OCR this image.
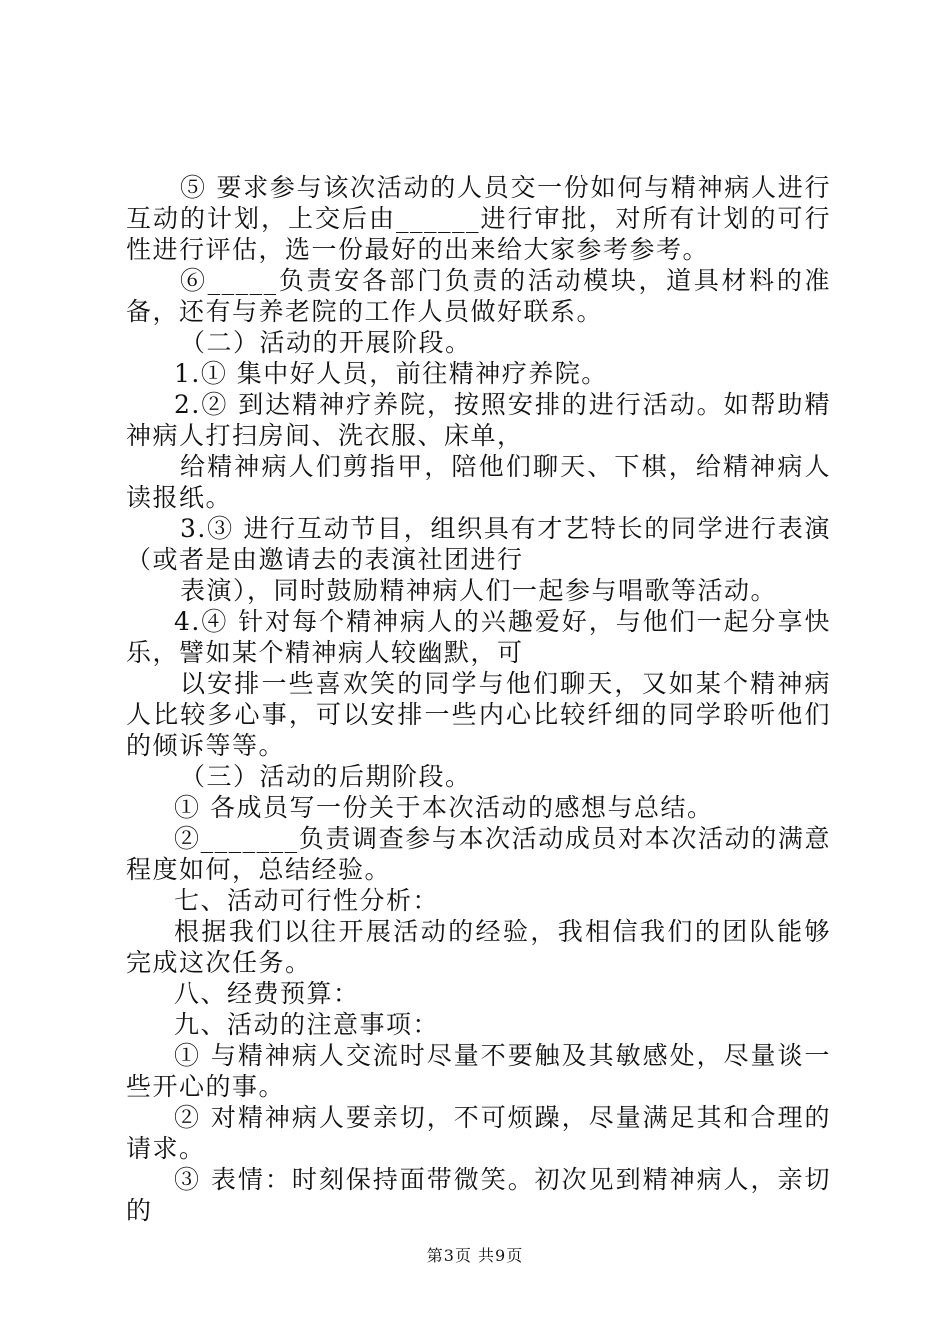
⑤ 要求参与该次活动的人员交一份如何与精神病人进行互动的计划，上交后由______进行审批，对所有计划的可行性进行评估，选一份最好的出来给大家参考参考。

⑥_____负责安各部门负责的活动模块，道具材料的准备，还有与养老院的工作人员做好联系。

（二）活动的开展阶段。

1.① 集中好人员，前往精神疗养院。

2.② 到达精神疗养院，按照安排的进行活动。如帮助精神病人打扫房间、洗衣服、床单，

给精神病人们剪指甲，陪他们聊天、下棋，给精神病人读报纸。

3.③ 进行互动节目，组织具有才艺特长的同学进行表演（或者是由邀请去的表演社团进行

表演），同时鼓励精神病人们一起参与唱歌等活动。

4.④ 针对每个精神病人的兴趣爱好，与他们一起分享快乐，譬如某个精神病人较幽默，可

以安排一些喜欢笑的同学与他们聊天，又如某个精神病人比较多心事，可以安排一些内心比较纤细的同学聆听他们的倾诉等等。

（三）活动的后期阶段。

① 各成员写一份关于本次活动的感想与总结。

②_______负责调查参与本次活动成员对本次活动的满意程度如何，总结经验。

七、活动可行性分析：

根据我们以往开展活动的经验，我相信我们的团队能够完成这次任务。

八、经费预算：

九、活动的注意事项：

① 与精神病人交流时尽量不要触及其敏感处，尽量谈一些开心的事。

② 对精神病人要亲切，不可烦躁，尽量满足其和合理的请求。

③ 表情：时刻保持面带微笑。初次见到精神病人，亲切的

第3页 共9页
